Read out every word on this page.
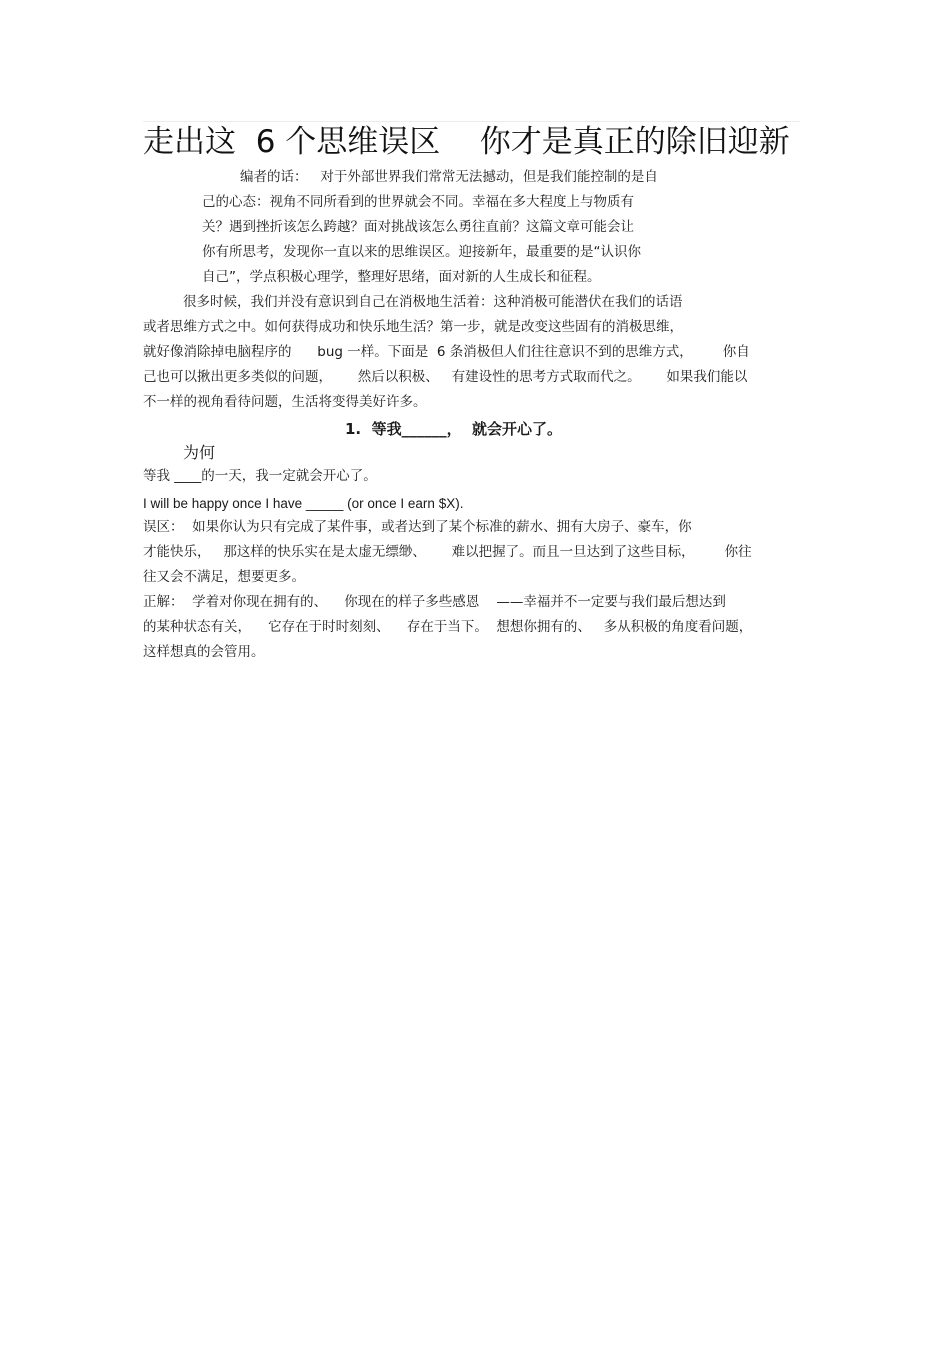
走出这  6 个思维误区    你才是真正的除旧迎新
编者的话：   对于外部世界我们常常无法撼动，但是我们能控制的是自
己的心态：视角不同所看到的世界就会不同。幸福在多大程度上与物质有
关？遇到挫折该怎么跨越？面对挑战该怎么勇往直前？这篇文章可能会让
你有所思考，发现你一直以来的思维误区。迎接新年，最重要的是“认识你
自己”，学点积极心理学，整理好思绪，面对新的人生成长和征程。
很多时候，我们并没有意识到自己在消极地生活着：这种消极可能潜伏在我们的话语
或者思维方式之中。如何获得成功和快乐地生活？第一步，就是改变这些固有的消极思维，
就好像消除掉电脑程序的      bug 一样。下面是  6 条消极但人们往往意识不到的思维方式，       你自
己也可以揪出更多类似的问题，      然后以积极、   有建设性的思考方式取而代之。      如果我们能以
不一样的视角看待问题，生活将变得美好许多。
1.  等我______，  就会开心了。
为何
等我 ____的一天，我一定就会开心了。
I will be happy once I have _____ (or once I earn $X).
误区：  如果你认为只有完成了某件事，或者达到了某个标准的薪水、拥有大房子、豪车，你
才能快乐，   那这样的快乐实在是太虚无缥缈、      难以把握了。而且一旦达到了这些目标，       你往
往又会不满足，想要更多。
正解：  学着对你现在拥有的、    你现在的样子多些感恩    ——幸福并不一定要与我们最后想达到
的某种状态有关，    它存在于时时刻刻、    存在于当下。  想想你拥有的、   多从积极的角度看问题，
这样想真的会管用。
